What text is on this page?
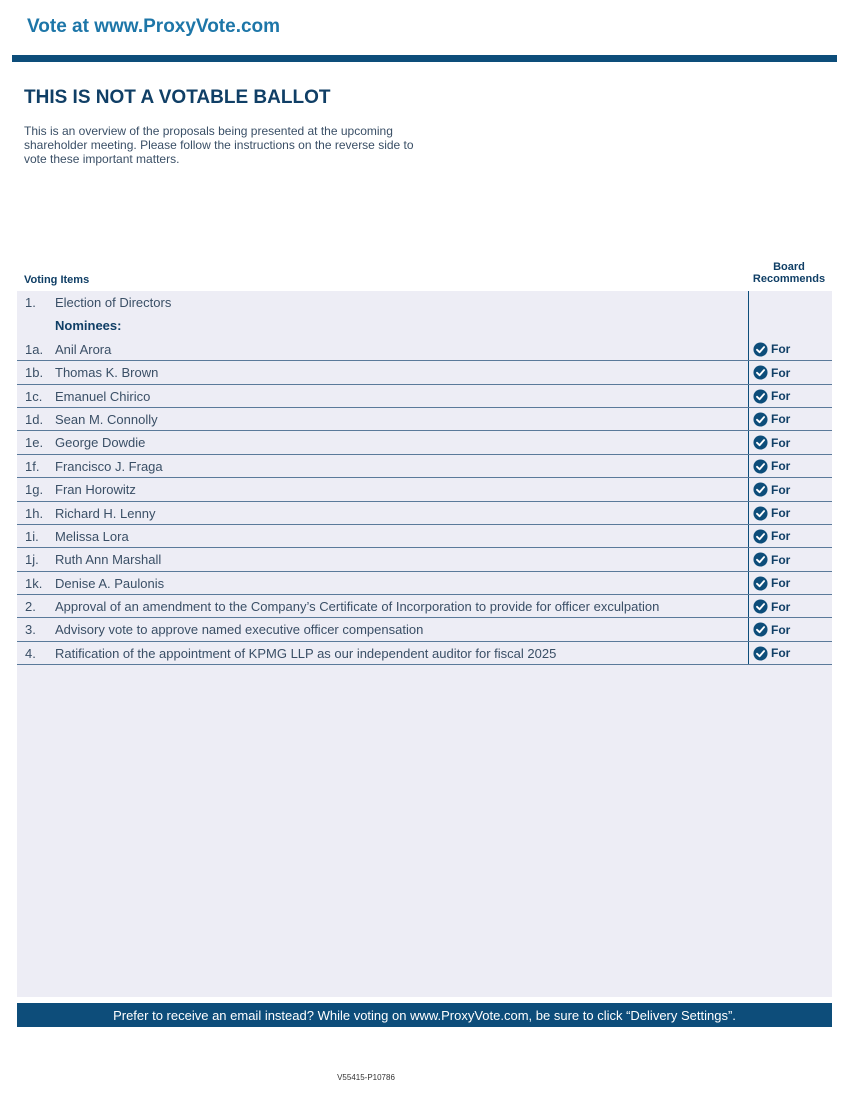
Vote at www.ProxyVote.com
THIS IS NOT A VOTABLE BALLOT
This is an overview of the proposals being presented at the upcoming shareholder meeting. Please follow the instructions on the reverse side to vote these important matters.
Voting Items
Board
Recommends
1. Election of Directors
Nominees:
1a. Anil Arora	For
1b. Thomas K. Brown	For
1c. Emanuel Chirico	For
1d. Sean M. Connolly	For
1e. George Dowdie	For
1f. Francisco J. Fraga	For
1g. Fran Horowitz	For
1h. Richard H. Lenny	For
1i. Melissa Lora	For
1j. Ruth Ann Marshall	For
1k. Denise A. Paulonis	For
2. Approval of an amendment to the Company’s Certificate of Incorporation to provide for officer exculpation	For
3. Advisory vote to approve named executive officer compensation	For
4. Ratification of the appointment of KPMG LLP as our independent auditor for fiscal 2025	For
Prefer to receive an email instead? While voting on www.ProxyVote.com, be sure to click “Delivery Settings”.
V55415-P10786
